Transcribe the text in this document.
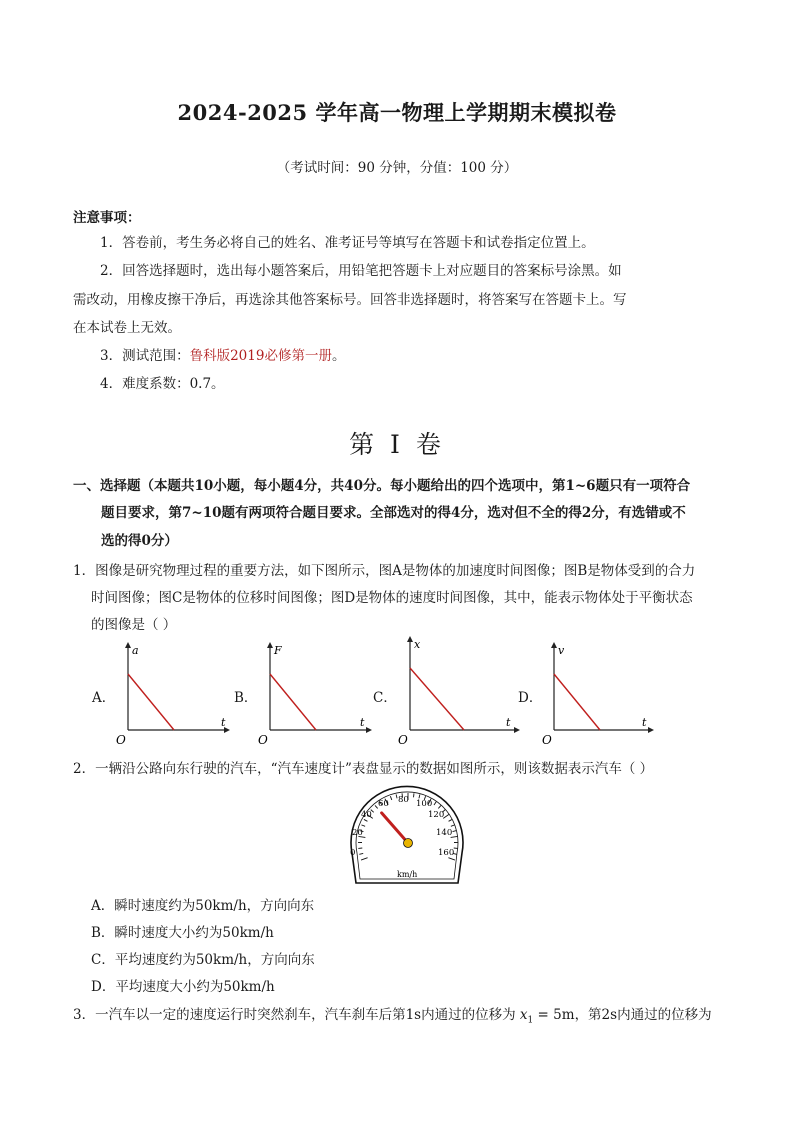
2024-2025 学年高一物理上学期期末模拟卷
（考试时间：90 分钟，分值：100 分）
注意事项：
1．答卷前，考生务必将自己的姓名、准考证号等填写在答题卡和试卷指定位置上。
2．回答选择题时，选出每小题答案后，用铅笔把答题卡上对应题目的答案标号涂黑。如
需改动，用橡皮擦干净后，再选涂其他答案标号。回答非选择题时，将答案写在答题卡上。写
在本试卷上无效。
3．测试范围：鲁科版2019必修第一册。
4．难度系数：0.7。
第 I 卷
一、选择题（本题共10小题，每小题4分，共40分。每小题给出的四个选项中，第1~6题只有一项符合
题目要求，第7~10题有两项符合题目要求。全部选对的得4分，选对但不全的得2分，有选错或不
选的得0分）
1．图像是研究物理过程的重要方法，如下图所示，图A是物体的加速度时间图像；图B是物体受到的合力
时间图像；图C是物体的位移时间图像；图D是物体的速度时间图像，其中，能表示物体处于平衡状态
的图像是（ ）
A．
a
t
O
B．
F
t
O
C．
x
t
O
D．
v
t
O
2．一辆沿公路向东行驶的汽车，“汽车速度计”表盘显示的数据如图所示，则该数据表示汽车（ ）
0
20
40
60 80 100
120
140
160
km/h
A．瞬时速度约为50km/h，方向向东
B．瞬时速度大小约为50km/h
C．平均速度约为50km/h，方向向东
D．平均速度大小约为50km/h
3．一汽车以一定的速度运行时突然刹车，汽车刹车后第1s内通过的位移为 $x_1 = 5m$，第2s内通过的位移为
